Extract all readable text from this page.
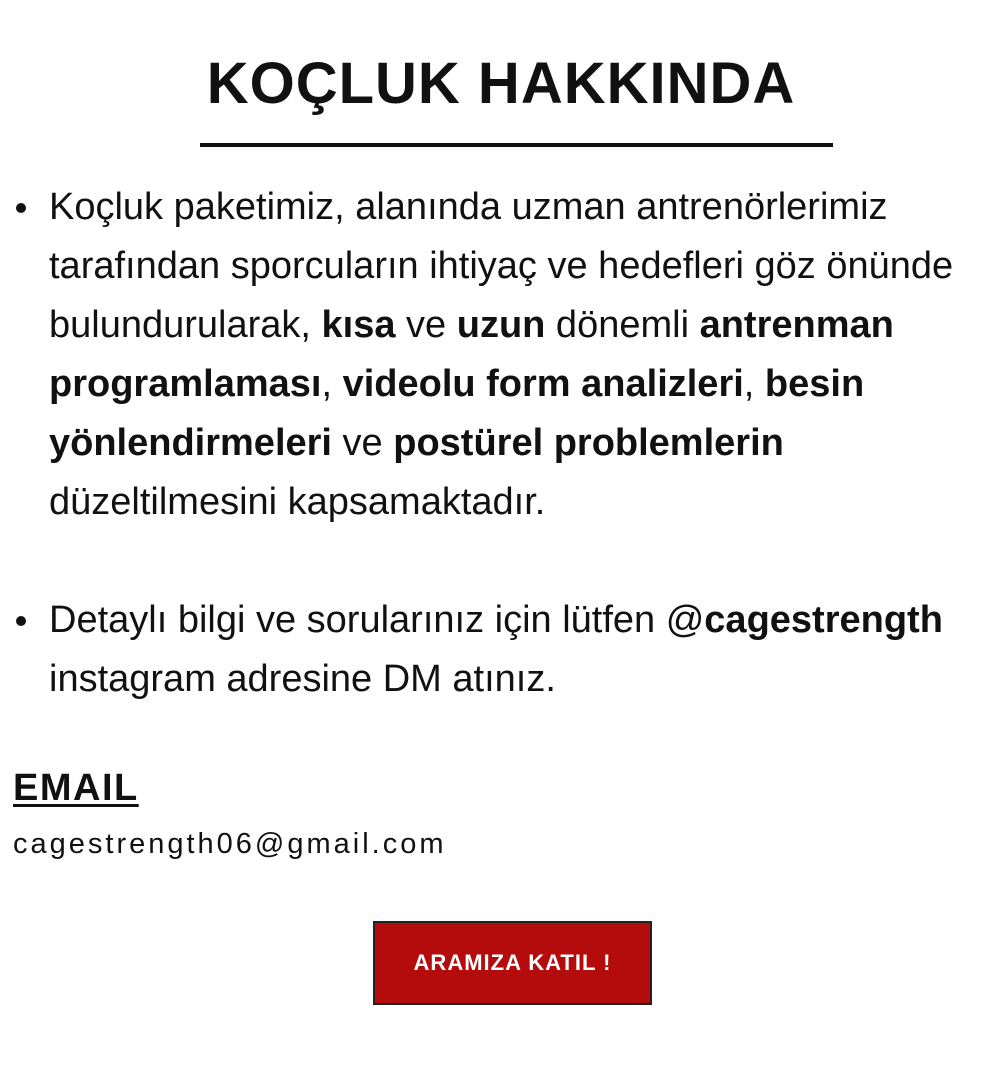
KOÇLUK HAKKINDA
Koçluk paketimiz, alanında uzman antrenörlerimiz tarafından sporcuların ihtiyaç ve hedefleri göz önünde bulundurularak, kısa ve uzun dönemli antrenman programlaması, videolu form analizleri, besin yönlendirmeleri ve postürel problemlerin düzeltilmesini kapsamaktadır.
Detaylı bilgi ve sorularınız için lütfen @cagestrength instagram adresine DM atınız.
EMAIL
cagestrength06@gmail.com
ARAMIZA KATIL !
